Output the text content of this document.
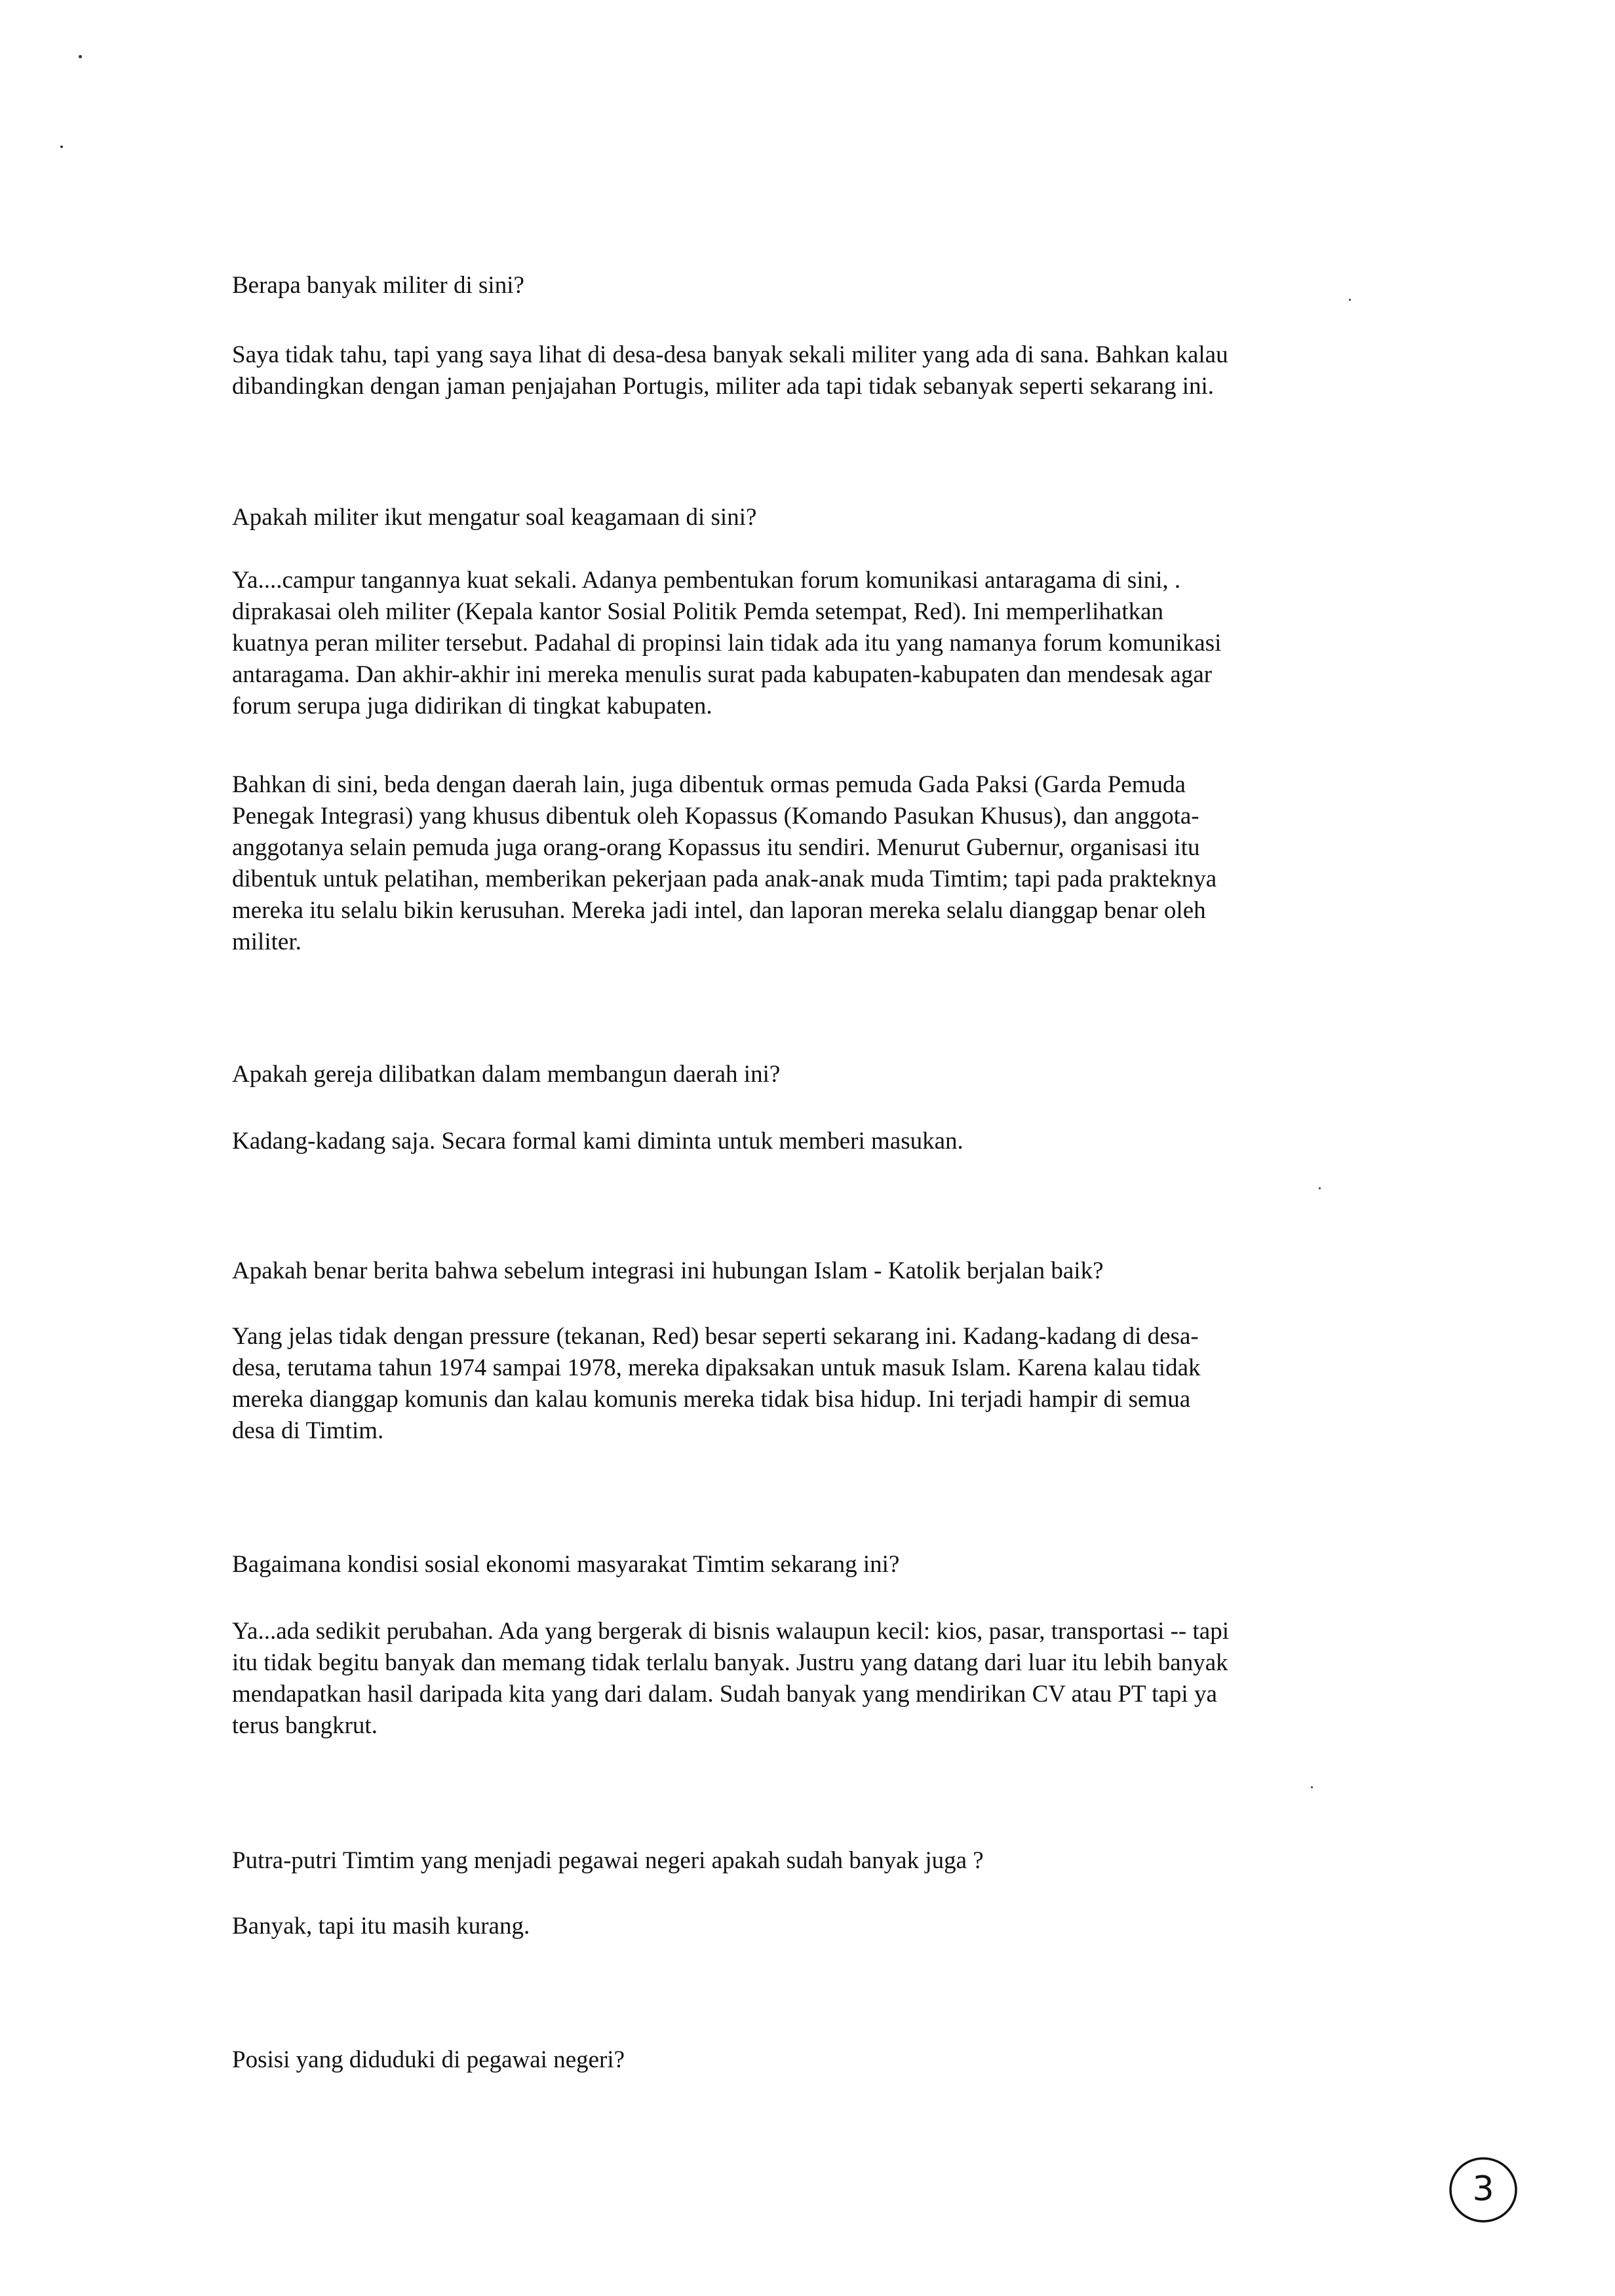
Berapa banyak militer di sini?

Saya tidak tahu, tapi yang saya lihat di desa-desa banyak sekali militer yang ada di sana. Bahkan kalau
dibandingkan dengan jaman penjajahan Portugis, militer ada tapi tidak sebanyak seperti sekarang ini.

Apakah militer ikut mengatur soal keagamaan di sini?

Ya....campur tangannya kuat sekali. Adanya pembentukan forum komunikasi antaragama di sini, .
diprakasai oleh militer (Kepala kantor Sosial Politik Pemda setempat, Red). Ini memperlihatkan
kuatnya peran militer tersebut. Padahal di propinsi lain tidak ada itu yang namanya forum komunikasi
antaragama. Dan akhir-akhir ini mereka menulis surat pada kabupaten-kabupaten dan mendesak agar
forum serupa juga didirikan di tingkat kabupaten.

Bahkan di sini, beda dengan daerah lain, juga dibentuk ormas pemuda Gada Paksi (Garda Pemuda
Penegak Integrasi) yang khusus dibentuk oleh Kopassus (Komando Pasukan Khusus), dan anggota-
anggotanya selain pemuda juga orang-orang Kopassus itu sendiri. Menurut Gubernur, organisasi itu
dibentuk untuk pelatihan, memberikan pekerjaan pada anak-anak muda Timtim; tapi pada prakteknya
mereka itu selalu bikin kerusuhan. Mereka jadi intel, dan laporan mereka selalu dianggap benar oleh
militer.

Apakah gereja dilibatkan dalam membangun daerah ini?

Kadang-kadang saja. Secara formal kami diminta untuk memberi masukan.

Apakah benar berita bahwa sebelum integrasi ini hubungan Islam - Katolik berjalan baik?

Yang jelas tidak dengan pressure (tekanan, Red) besar seperti sekarang ini. Kadang-kadang di desa-
desa, terutama tahun 1974 sampai 1978, mereka dipaksakan untuk masuk Islam. Karena kalau tidak
mereka dianggap komunis dan kalau komunis mereka tidak bisa hidup. Ini terjadi hampir di semua
desa di Timtim.

Bagaimana kondisi sosial ekonomi masyarakat Timtim sekarang ini?

Ya...ada sedikit perubahan. Ada yang bergerak di bisnis walaupun kecil: kios, pasar, transportasi -- tapi
itu tidak begitu banyak dan memang tidak terlalu banyak. Justru yang datang dari luar itu lebih banyak
mendapatkan hasil daripada kita yang dari dalam. Sudah banyak yang mendirikan CV atau PT tapi ya
terus bangkrut.

Putra-putri Timtim yang menjadi pegawai negeri apakah sudah banyak juga ?

Banyak, tapi itu masih kurang.

Posisi yang diduduki di pegawai negeri?

3
